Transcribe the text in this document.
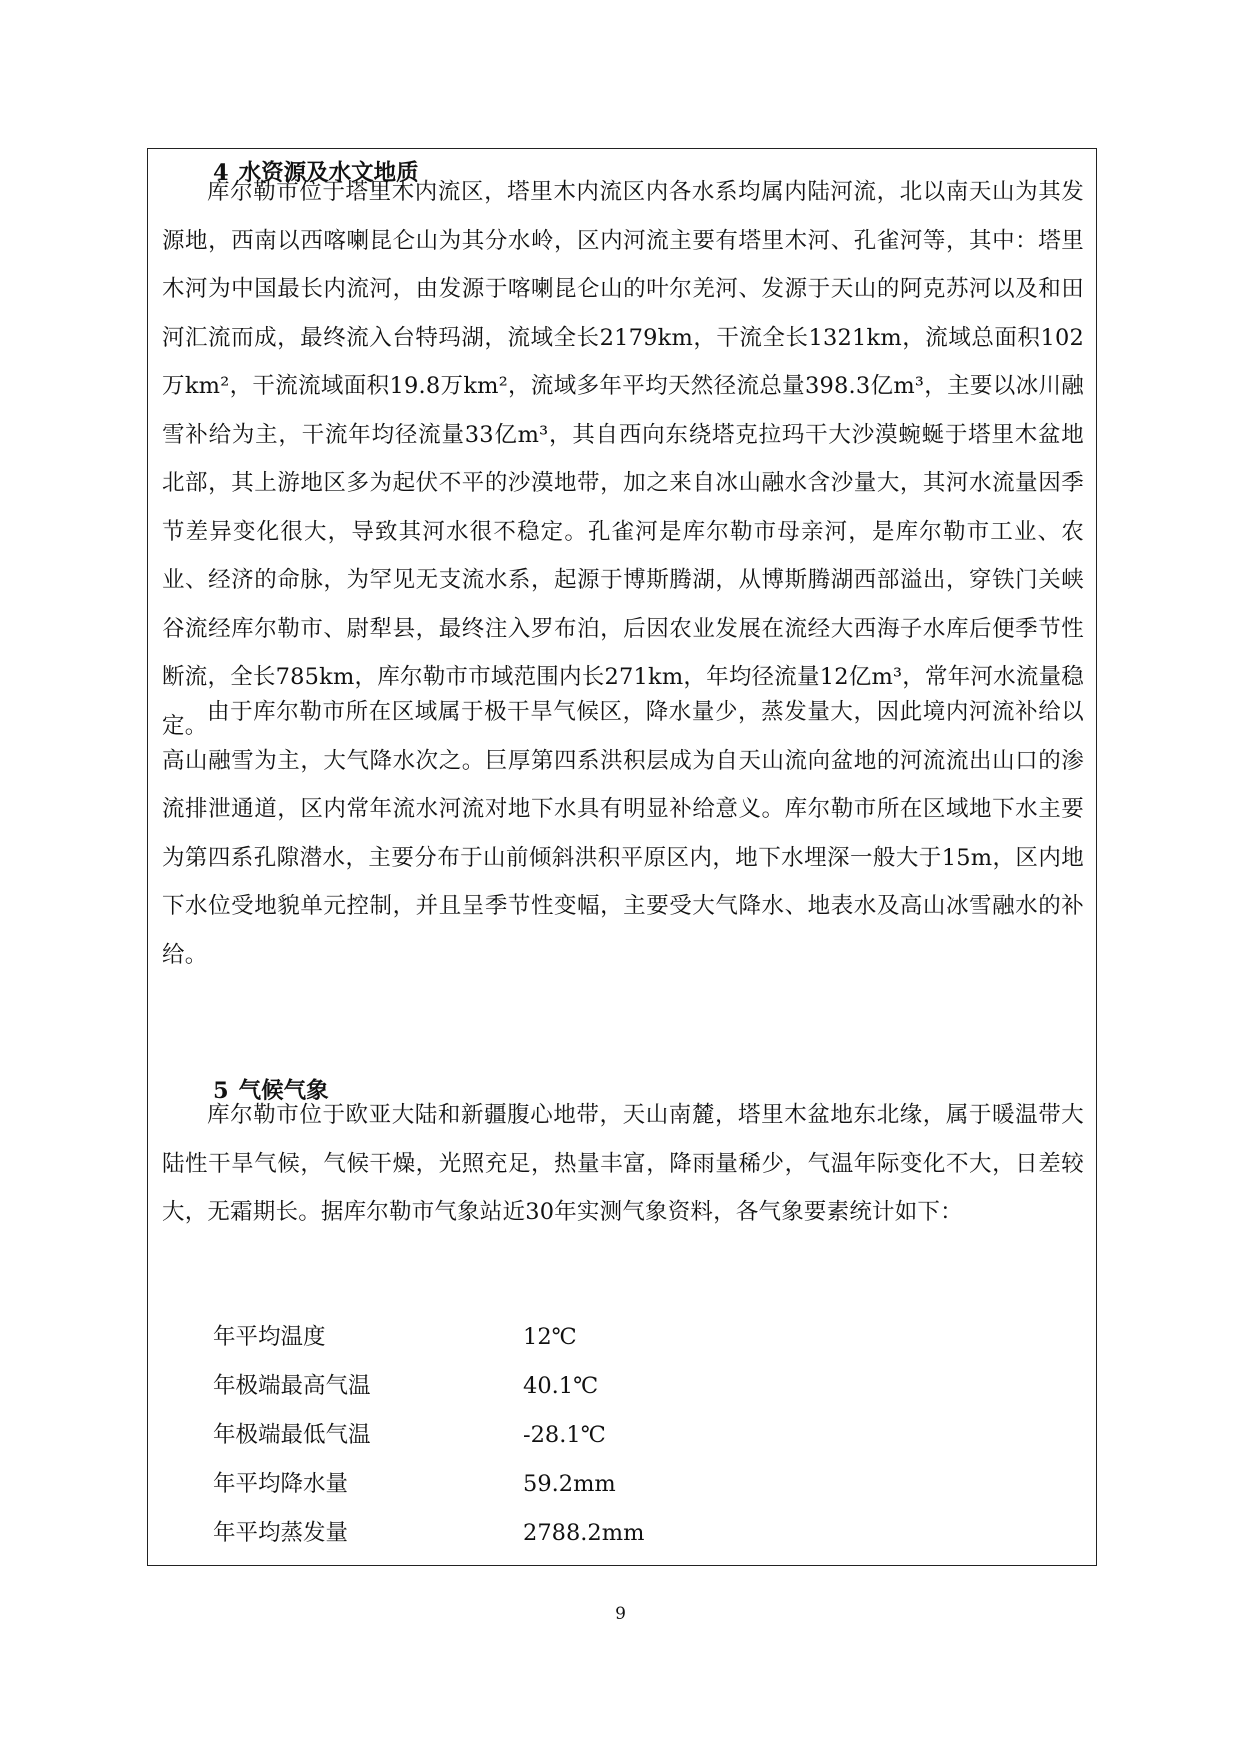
4 水资源及水文地质

库尔勒市位于塔里木内流区，塔里木内流区内各水系均属内陆河流，北以南天山为其发源地，西南以西喀喇昆仑山为其分水岭，区内河流主要有塔里木河、孔雀河等，其中：塔里木河为中国最长内流河，由发源于喀喇昆仑山的叶尔羌河、发源于天山的阿克苏河以及和田河汇流而成，最终流入台特玛湖，流域全长2179km，干流全长1321km，流域总面积102万km²，干流流域面积19.8万km²，流域多年平均天然径流总量398.3亿m³，主要以冰川融雪补给为主，干流年均径流量33亿m³，其自西向东绕塔克拉玛干大沙漠蜿蜒于塔里木盆地北部，其上游地区多为起伏不平的沙漠地带，加之来自冰山融水含沙量大，其河水流量因季节差异变化很大，导致其河水很不稳定。孔雀河是库尔勒市母亲河，是库尔勒市工业、农业、经济的命脉，为罕见无支流水系，起源于博斯腾湖，从博斯腾湖西部溢出，穿铁门关峡谷流经库尔勒市、尉犁县，最终注入罗布泊，后因农业发展在流经大西海子水库后便季节性断流，全长785km，库尔勒市市域范围内长271km，年均径流量12亿m³，常年河水流量稳定。

由于库尔勒市所在区域属于极干旱气候区，降水量少，蒸发量大，因此境内河流补给以高山融雪为主，大气降水次之。巨厚第四系洪积层成为自天山流向盆地的河流流出山口的渗流排泄通道，区内常年流水河流对地下水具有明显补给意义。库尔勒市所在区域地下水主要为第四系孔隙潜水，主要分布于山前倾斜洪积平原区内，地下水埋深一般大于15m，区内地下水位受地貌单元控制，并且呈季节性变幅，主要受大气降水、地表水及高山冰雪融水的补给。

5 气候气象

库尔勒市位于欧亚大陆和新疆腹心地带，天山南麓，塔里木盆地东北缘，属于暖温带大陆性干旱气候，气候干燥，光照充足，热量丰富，降雨量稀少，气温年际变化不大，日差较大，无霜期长。据库尔勒市气象站近30年实测气象资料，各气象要素统计如下：

年平均温度	12℃
年极端最高气温	40.1℃
年极端最低气温	-28.1℃
年平均降水量	59.2mm
年平均蒸发量	2788.2mm
9
